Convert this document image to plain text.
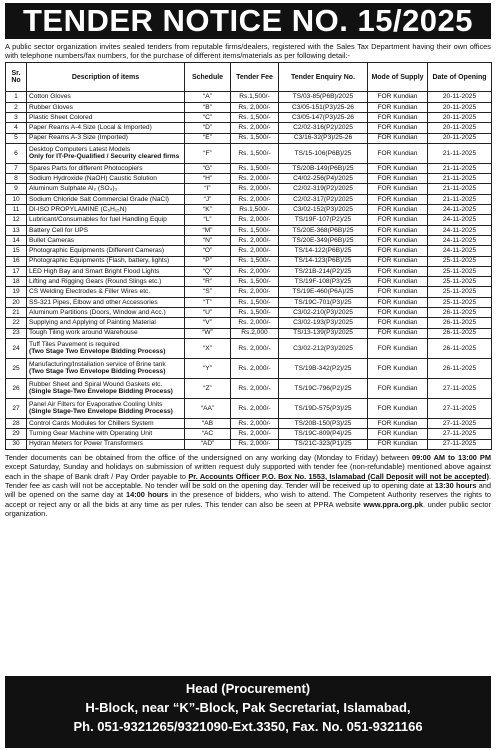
TENDER NOTICE NO. 15/2025
A public sector organization invites sealed tenders from reputable firms/dealers, registered with the Sales Tax Department having their own offices with telephone numbers/fax numbers, for the purchase of different items/materials as per following detail:-
Sr. No	Description of items	Schedule	Tender Fee	Tender Enquiry No.	Mode of Supply	Date of Opening
1	Cotton Gloves	“A”	Rs.1,500/-	TS/03-85(P6B)/2025	FOR Kundian	20-11-2025
2	Rubber Gloves	“B”	Rs. 2,000/-	C3/05-151(P3)/25-26	FOR Kundian	20-11-2025
3	Plastic Sheet Colored	“C”	Rs. 1,500/-	C3/05-147(P3)/25-26	FOR Kundian	20-11-2025
4	Paper Reams A-4 Size (Local & Imported)	“D”	Rs. 2,000/-	C2/02-316(P2)/2025	FOR Kundian	20-11-2025
5	Paper Reams A-3 Size (Imported)	“E”	Rs. 1,500/-	C3/16-32(P3)/25-26	FOR Kundian	20-11-2025
6	Desktop Computers Latest Models
Only for IT-Pre-Qualified / Security cleared firms	“F”	Rs. 1,500/-	TS/15-106(P6B)/25	FOR Kundian	21-11-2025
7	Spares Parts for different Photocopiers	“G”	Rs. 1,500/-	TS/20B-149(P6B)/25	FOR Kundian	21-11-2025
8	Sodium Hydroxide (NaOH) Caustic Solution	“H”	Rs. 2,000/-	C4/02-256(P4)/2025	FOR Kundian	21-11-2025
9	Aluminum Sulphate Al₂ (SO₄)₃	“I”	Rs. 2,000/-	C2/02-319(P2)/2025	FOR Kundian	21-11-2025
10	Sodium Chloride Salt Commercial Grade (NaCl)	“J”	Rs. 2,000/-	C2/02-317(P2)/2025	FOR Kundian	21-11-2025
11	DI-ISO PROPYLAMINE (C₆H₁₅N)	“K”	Rs.1,500/-	C3/02-152(P3)/2025	FOR Kundian	24-11-2025
12	Lubricant/Consumables for fuel Handling Equip	“L”	Rs. 2,000/-	TS/19F-107(P2)/25	FOR Kundian	24-11-2025
13	Battery Cell for UPS	“M”	Rs. 1,500/-	TS/20E-368(P6B)/25	FOR Kundian	24-11-2025
14	Bullet Cameras	“N”	Rs. 2,000/-	TS/20E-349(P6B)/25	FOR Kundian	24-11-2025
15	Photographic Equipments (Different Cameras)	“O”	Rs. 2,000/-	TS/14-122(P6B)/25	FOR Kundian	24-11-2025
16	Photographic Equipments (Flash, battery, lights)	“P”	Rs. 1,500/-	TS/14-123(P6B)/25	FOR Kundian	25-11-2025
17	LED High Bay and Smart Bright Flood Lights	“Q”	Rs. 2,000/-	TS/21B-214(P2)/25	FOR Kundian	25-11-2025
18	Lifting and Rigging Gears (Round Slings etc.)	“R”	Rs. 1,500/-	TS/19F-108(P3)/25	FOR Kundian	25-11-2025
19	CS Welding Electrodes & Filler Wires etc.	“S”	Rs. 2,000/-	TS/19E-460(P6A)/25	FOR Kundian	25-11-2025
20	SS-321 Pipes, Elbow and other Accessories	“T”	Rs. 1,500/-	TS/19C-701(P3)/25	FOR Kundian	25-11-2025
21	Aluminum Partitions (Doors, Window and Acc.)	“U”	Rs. 1,500/-	C3/02-210(P3)/2025	FOR Kundian	26-11-2025
22	Supplying and Applying of Painting Material	“V”	Rs. 2,000/-	C3/02-193(P3)/2025	FOR Kundian	26-11-2025
23	Tough Tiling work around Warehouse	“W”	Rs.2,000	TS/13-139(P3)/2025	FOR Kundian	26-11-2025
24	Tuff Tiles Pavement is required
(Two Stage Two Envelope Bidding Process)	“X”	Rs. 2,000/-	C3/02-212(P3)/2025	FOR Kundian	26-11-2025
25	Manufacturing/Installation service of Brine tank
(Two Stage Two Envelope Bidding Process)	“Y”	Rs. 2,000/-	TS/19B-342(P2)/25	FOR Kundian	26-11-2025
26	Rubber Sheet and Spiral Wound Gaskets etc.
(Single Stage-Two Envelope Bidding Process)	“Z”	Rs. 2,000/-	TS/19C-796(P2)/25	FOR Kundian	27-11-2025
27	Panel Air Filters for Evaporative Cooling Units
(Single Stage-Two Envelope Bidding Process)	“AA”	Rs. 2,000/-	TS/19D-575(P3)/25	FOR Kundian	27-11-2025
28	Control Cards Modules for Chillers System	“AB	Rs. 2,000/-	TS/20B-150(P3)/25	FOR Kundian	27-11-2025
29	Turning Gear Machine with Operating Unit	“AC	Rs. 2,000/-	TS/19C-809(P4)/25	FOR Kundian	27-11-2025
30	Hydran Meters for Power Transformers	“AD”	Rs. 2,000/-	TS/21C-323(P1)/25	FOR Kundian	27-11-2025
Tender documents can be obtained from the office of the undersigned on any working day (Monday to Friday) between 09:00 AM to 13:00 PM except Saturday, Sunday and holidays on submission of written request duly supported with tender fee (non-refundable) mentioned above against each in the shape of Bank draft / Pay Order payable to Pr. Accounts Officer P.O. Box No. 1553, Islamabad (Call Deposit will not be accepted). Tender fee as cash will not be acceptable. No tender will be sold on the opening day. Tender will be received up to opening date at 13:30 hours and will be opened on the same day at 14:00 hours in the presence of bidders, who wish to attend. The Competent Authority reserves the rights to accept or reject any or all the bids at any time as per rules. This tender can also be seen at PPRA website www.ppra.org.pk. under public sector organization.
Head (Procurement)
H-Block, near “K”-Block, Pak Secretariat, Islamabad,
Ph. 051-9321265/9321090-Ext.3350, Fax. No. 051-9321166
